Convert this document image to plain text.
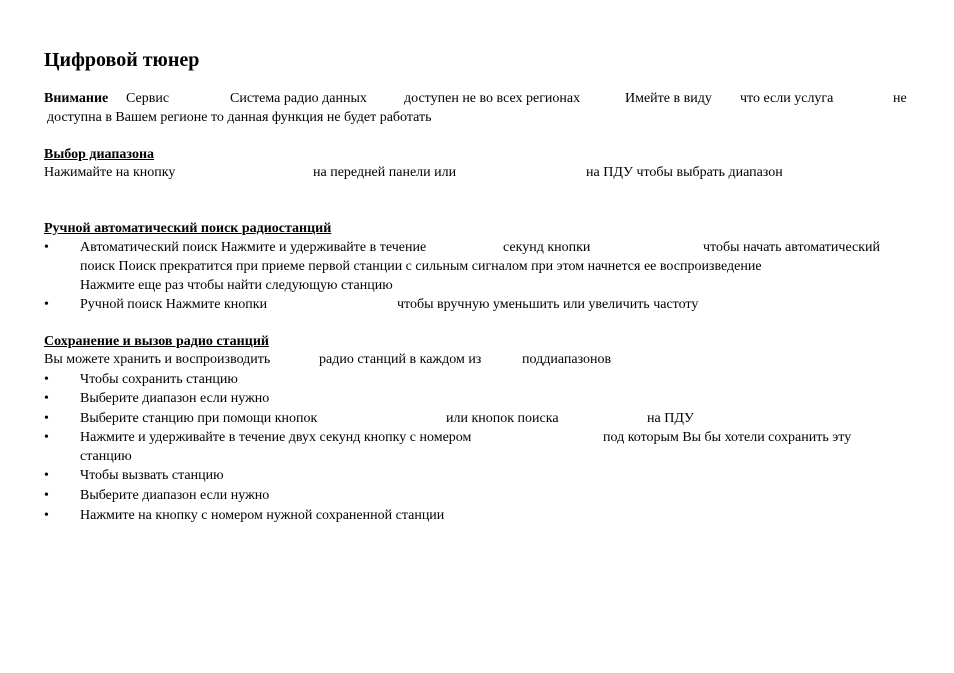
Цифровой тюнер
Внимание Сервис	Система радио данных	доступен не во всех регионах	Имейте в виду что если услуга	не
доступна в Вашем регионе то данная функция не будет работать
Выбор диапазона
Нажимайте на кнопку	на передней панели или	на ПДУ чтобы выбрать диапазон
Ручной автоматический поиск радиостанций
• Автоматический поиск Нажмите и удерживайте в течение	секунд кнопки	чтобы начать автоматический
поиск Поиск прекратится при приеме первой станции с сильным сигналом при этом начнется ее воспроизведение
Нажмите еще раз чтобы найти следующую станцию
• Ручной поиск Нажмите кнопки	чтобы вручную уменьшить или увеличить частоту
Сохранение и вызов радио станций
Вы можете хранить и воспроизводить	радио станций в каждом из	поддиапазонов
• Чтобы сохранить станцию
• Выберите диапазон если нужно
• Выберите станцию при помощи кнопок	или кнопок поиска	на ПДУ
• Нажмите и удерживайте в течение двух секунд кнопку с номером	под которым Вы бы хотели сохранить эту
станцию
• Чтобы вызвать станцию
• Выберите диапазон если нужно
• Нажмите на кнопку с номером нужной сохраненной станции
